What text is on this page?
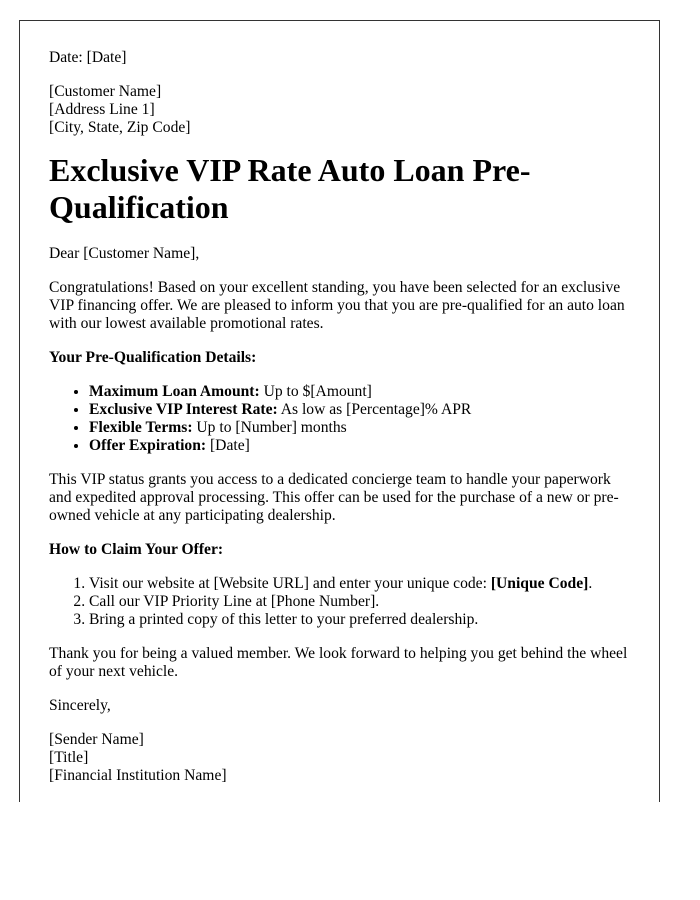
Date: [Date]

[Customer Name]
[Address Line 1]
[City, State, Zip Code]
Exclusive VIP Rate Auto Loan Pre-Qualification

Dear [Customer Name],

Congratulations! Based on your excellent standing, you have been selected for an exclusive VIP financing offer. We are pleased to inform you that you are pre-qualified for an auto loan with our lowest available promotional rates.

Your Pre-Qualification Details:

• Maximum Loan Amount: Up to $[Amount]
• Exclusive VIP Interest Rate: As low as [Percentage]% APR
• Flexible Terms: Up to [Number] months
• Offer Expiration: [Date]

This VIP status grants you access to a dedicated concierge team to handle your paperwork and expedited approval processing. This offer can be used for the purchase of a new or pre-owned vehicle at any participating dealership.

How to Claim Your Offer:

1. Visit our website at [Website URL] and enter your unique code: [Unique Code].
2. Call our VIP Priority Line at [Phone Number].
3. Bring a printed copy of this letter to your preferred dealership.

Thank you for being a valued member. We look forward to helping you get behind the wheel of your next vehicle.

Sincerely,

[Sender Name]
[Title]
[Financial Institution Name]
